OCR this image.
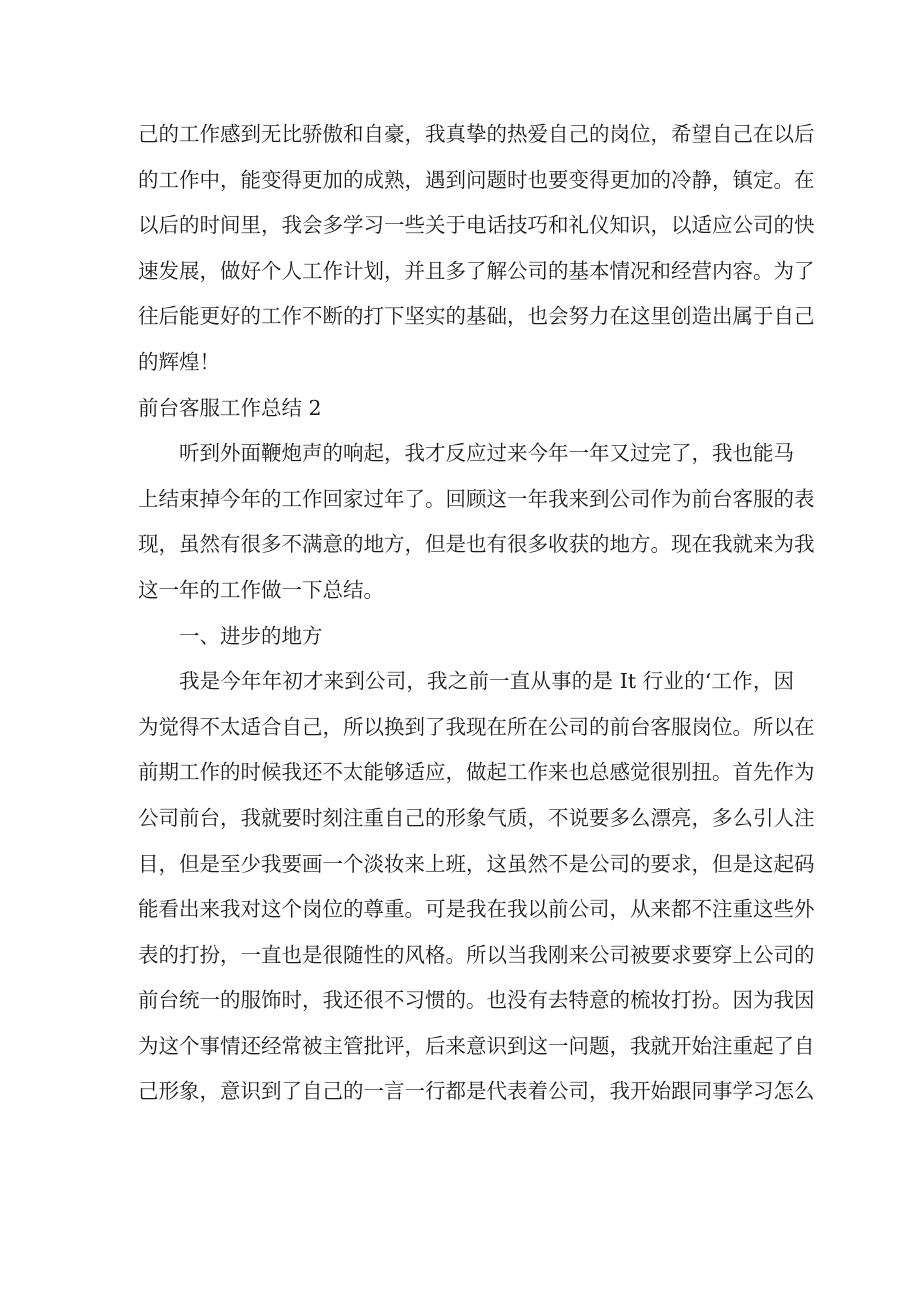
己的工作感到无比骄傲和自豪，我真挚的热爱自己的岗位，希望自己在以后
的工作中，能变得更加的成熟，遇到问题时也要变得更加的冷静，镇定。在
以后的时间里，我会多学习一些关于电话技巧和礼仪知识，以适应公司的快
速发展，做好个人工作计划，并且多了解公司的基本情况和经营内容。为了
往后能更好的工作不断的打下坚实的基础，也会努力在这里创造出属于自己
的辉煌！
前台客服工作总结 2
听到外面鞭炮声的响起，我才反应过来今年一年又过完了，我也能马
上结束掉今年的工作回家过年了。回顾这一年我来到公司作为前台客服的表
现，虽然有很多不满意的地方，但是也有很多收获的地方。现在我就来为我
这一年的工作做一下总结。
一、进步的地方
我是今年年初才来到公司，我之前一直从事的是 It 行业的‘工作，因
为觉得不太适合自己，所以换到了我现在所在公司的前台客服岗位。所以在
前期工作的时候我还不太能够适应，做起工作来也总感觉很别扭。首先作为
公司前台，我就要时刻注重自己的形象气质，不说要多么漂亮，多么引人注
目，但是至少我要画一个淡妆来上班，这虽然不是公司的要求，但是这起码
能看出来我对这个岗位的尊重。可是我在我以前公司，从来都不注重这些外
表的打扮，一直也是很随性的风格。所以当我刚来公司被要求要穿上公司的
前台统一的服饰时，我还很不习惯的。也没有去特意的梳妆打扮。因为我因
为这个事情还经常被主管批评，后来意识到这一问题，我就开始注重起了自
己形象，意识到了自己的一言一行都是代表着公司，我开始跟同事学习怎么
